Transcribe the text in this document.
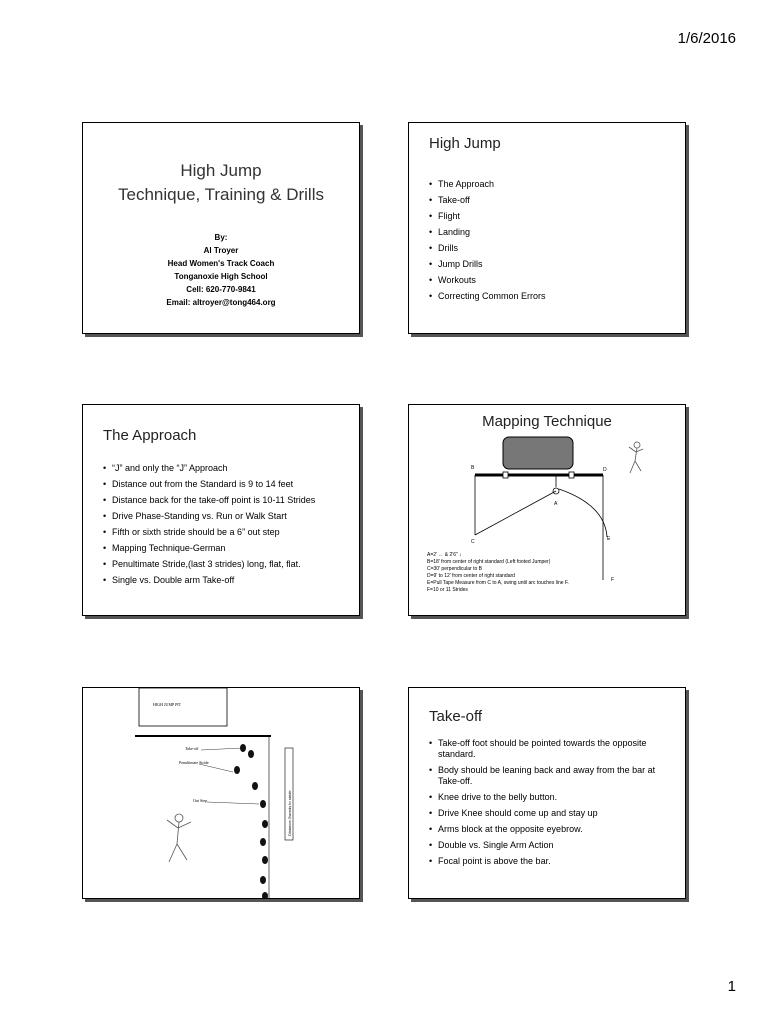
1/6/2016
High Jump
Technique, Training & Drills
By:
Al Troyer
Head Women's Track Coach
Tonganoxie High School
Cell: 620-770-9841
Email: altroyer@tong464.org
High Jump
• The Approach
• Take-off
• Flight
• Landing
• Drills
• Jump Drills
• Workouts
• Correcting Common Errors
The Approach
• “J” and only the “J” Approach
• Distance out from the Standard is 9 to 14 feet
• Distance back for the take-off point is 10-11 Strides
• Drive Phase-Standing vs. Run or Walk Start
• Fifth or sixth stride should be a 6” out step
• Mapping Technique-German
• Penultimate Stride,(last 3 strides) long, flat, flat.
• Single vs. Double arm Take-off
Mapping Technique
B	D
A
C	E
F
A=2' ← & 2'6" ↓
B=18' from center of right standard (Left footed Jumper)
C=30' perpendicular to B
D=9' to 12' from center of right standard
E=Pull Tape Measure from C to A, swing until arc touches line F.
F=10 or 11 Strides
HIGH JUMP PIT
Distance-Swords to stride
Take-off
Penultimate Stride
Out Step
Take-off
• Take-off foot should be pointed towards the opposite standard.
• Body should be leaning back and away from the bar at Take-off.
• Knee drive to the belly button.
• Drive Knee should come up and stay up
• Arms block at the opposite eyebrow.
• Double vs. Single Arm Action
• Focal point is above the bar.
1
